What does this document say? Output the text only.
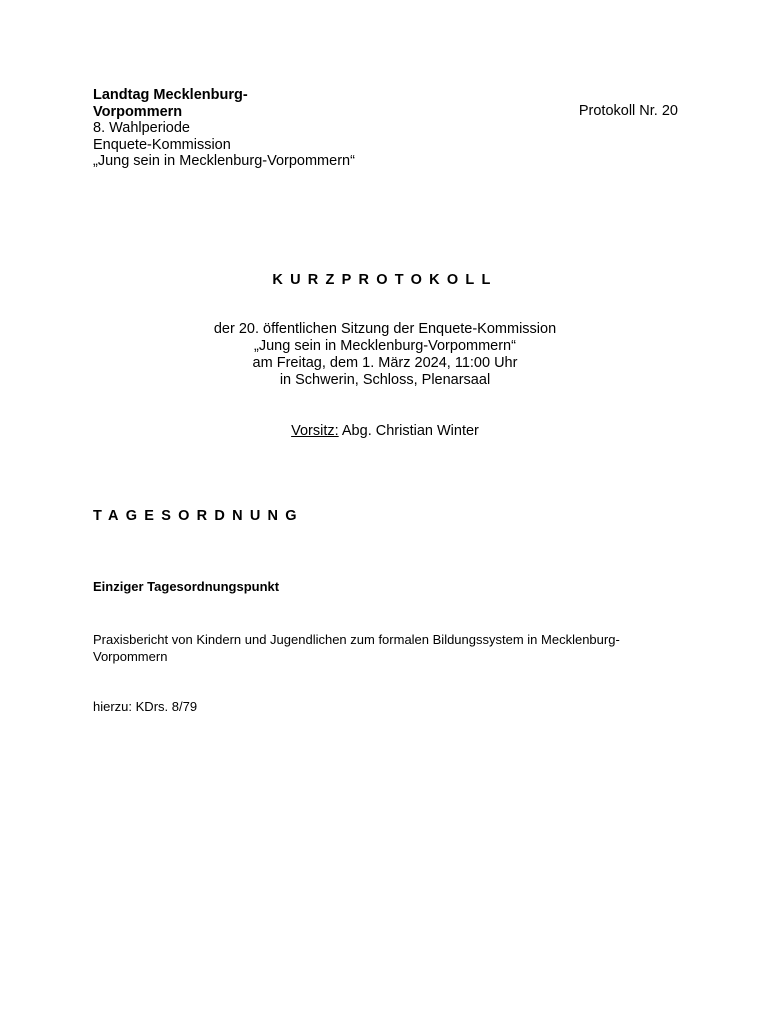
Landtag Mecklenburg-
Vorpommern
8. Wahlperiode
Enquete-Kommission
„Jung sein in Mecklenburg-Vorpommern“
Protokoll Nr. 20
KURZPROTOKOLL
der 20. öffentlichen Sitzung der Enquete-Kommission
„Jung sein in Mecklenburg-Vorpommern“
am Freitag, dem 1. März 2024, 11:00 Uhr
in Schwerin, Schloss, Plenarsaal
Vorsitz: Abg. Christian Winter
TAGESORDNUNG
Einziger Tagesordnungspunkt
Praxisbericht von Kindern und Jugendlichen zum formalen Bildungssystem in Mecklenburg-
Vorpommern
hierzu: KDrs. 8/79
